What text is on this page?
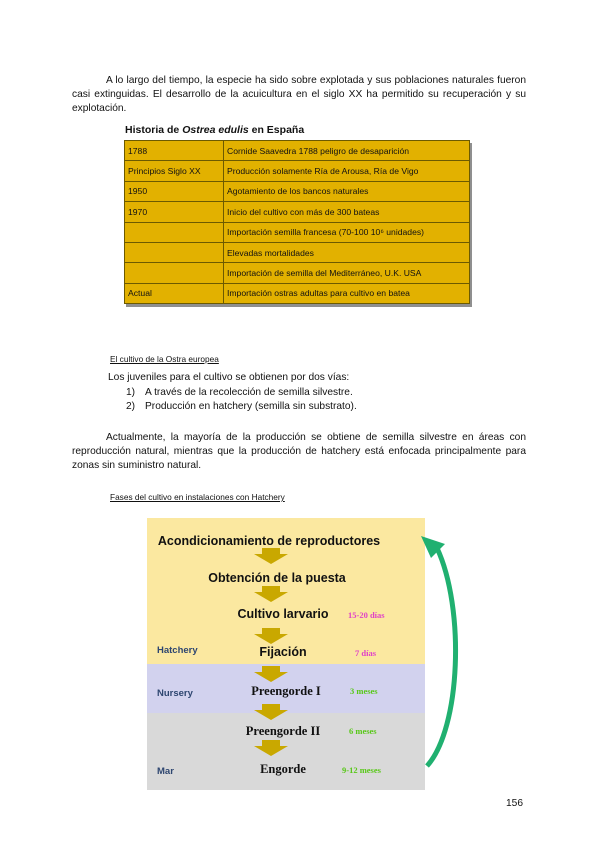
A lo largo del tiempo, la especie ha sido sobre explotada y sus poblaciones naturales fueron casi extinguidas. El desarrollo de la acuicultura en el siglo XX ha permitido su recuperación y su explotación.

Historia de Ostrea edulis en España
1788	Cornide Saavedra 1788 peligro de desaparición
Principios Siglo XX	Producción solamente Ría de Arousa, Ría de Vigo
1950	Agotamiento de los bancos naturales
1970	Inicio del cultivo con más de 300 bateas
	Importación semilla francesa (70-100 10⁶ unidades)
	Elevadas mortalidades
	Importación de semilla del Mediterráneo, U.K. USA
Actual	Importación ostras adultas para cultivo en batea
El cultivo de la Ostra europea
Los juveniles para el cultivo se obtienen por dos vías:
1) A través de la recolección de semilla silvestre.
2) Producción en hatchery (semilla sin substrato).

Actualmente, la mayoría de la producción se obtiene de semilla silvestre en áreas con reproducción natural, mientras que la producción de hatchery está enfocada principalmente para zonas sin suministro natural.

Fases del cultivo en instalaciones con Hatchery
Acondicionamiento de reproductores
Obtención de la puesta
Cultivo larvario
Fijación
Preengorde I
Preengorde II
Engorde
15-20 días
7 días
3 meses
6 meses
9-12 meses
Hatchery
Nursery
Mar
156
